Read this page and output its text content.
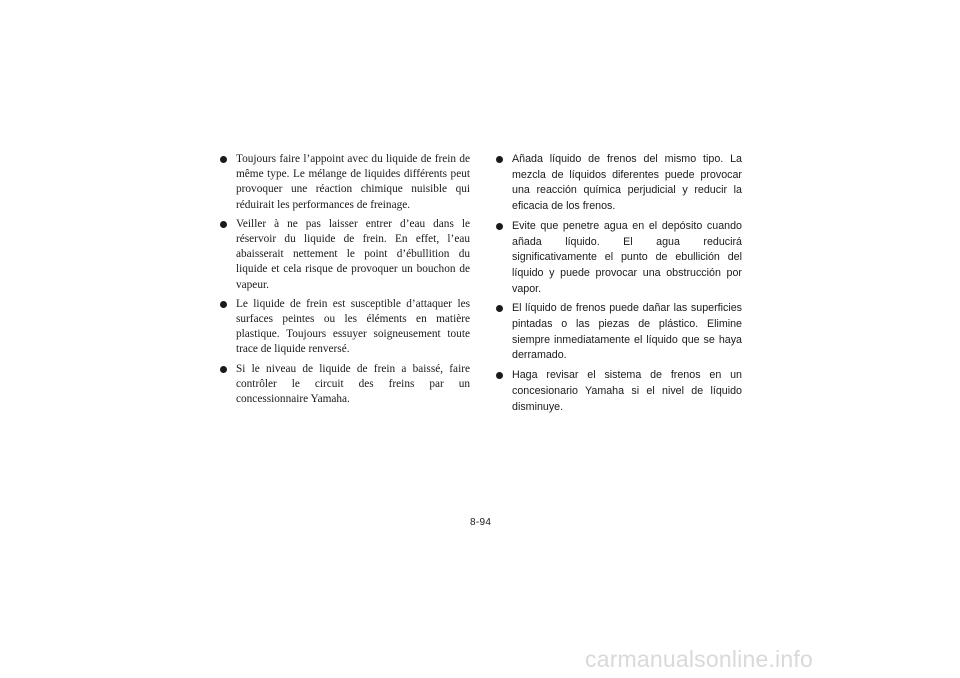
Toujours faire l’appoint avec du liquide de frein de même type. Le mélange de liquides différents peut provoquer une réaction chimique nuisible qui réduirait les performances de freinage.
Veiller à ne pas laisser entrer d’eau dans le réservoir du liquide de frein. En effet, l’eau abaisserait nettement le point d’ébullition du liquide et cela risque de provoquer un bouchon de vapeur.
Le liquide de frein est susceptible d’attaquer les surfaces peintes ou les éléments en matière plastique. Toujours essuyer soigneusement toute trace de liquide renversé.
Si le niveau de liquide de frein a baissé, faire contrôler le circuit des freins par un concessionnaire Yamaha.
Añada líquido de frenos del mismo tipo. La mezcla de líquidos diferentes puede provocar una reacción química perjudicial y reducir la eficacia de los frenos.
Evite que penetre agua en el depósito cuando añada líquido. El agua reducirá significativamente el punto de ebullición del líquido y puede provocar una obstrucción por vapor.
El líquido de frenos puede dañar las superficies pintadas o las piezas de plástico. Elimine siempre inmediatamente el líquido que se haya derramado.
Haga revisar el sistema de frenos en un concesionario Yamaha si el nivel de líquido disminuye.
8-94
carmanualsonline.info
